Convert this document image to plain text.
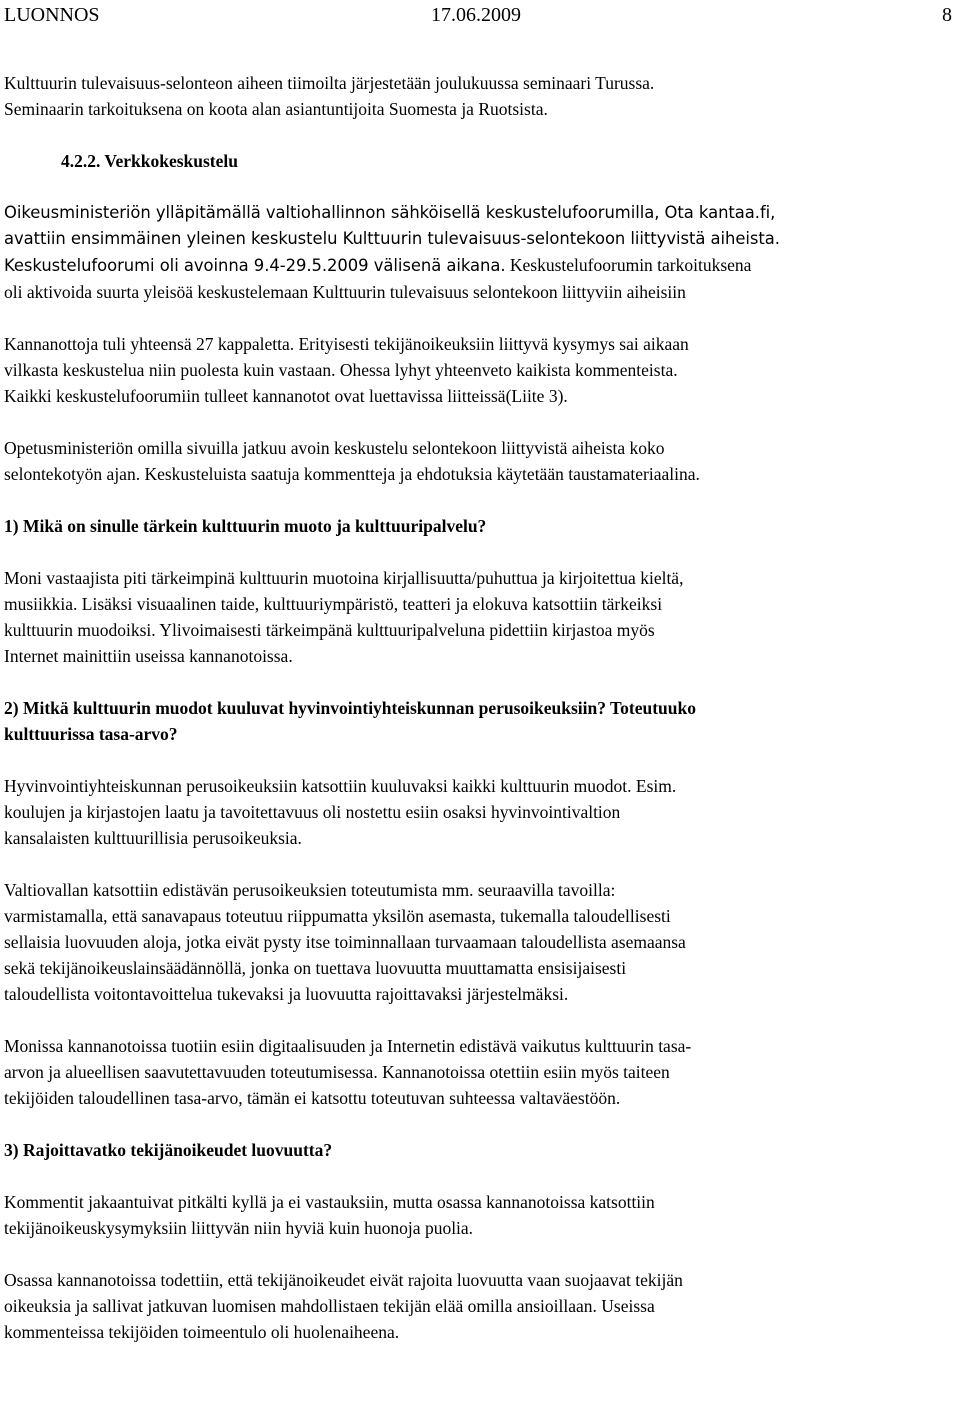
LUONNOS	17.06.2009	8

Kulttuurin tulevaisuus-selonteon aiheen tiimoilta järjestetään joulukuussa seminaari Turussa.

Seminaarin tarkoituksena on koota alan asiantuntijoita Suomesta ja Ruotsista.

4.2.2. Verkkokeskustelu

Oikeusministeriön ylläpitämällä valtiohallinnon sähköisellä keskustelufoorumilla, Ota kantaa.fi,

avattiin ensimmäinen yleinen keskustelu Kulttuurin tulevaisuus-selontekoon liittyvistä aiheista.

Keskustelufoorumi oli avoinna 9.4-29.5.2009 välisenä aikana. Keskustelufoorumin tarkoituksena

oli aktivoida suurta yleisöä keskustelemaan Kulttuurin tulevaisuus selontekoon liittyviin aiheisiin

Kannanottoja tuli yhteensä 27 kappaletta. Erityisesti tekijänoikeuksiin liittyvä kysymys sai aikaan

vilkasta keskustelua niin puolesta kuin vastaan. Ohessa lyhyt yhteenveto kaikista kommenteista.

Kaikki keskustelufoorumiin tulleet kannanotot ovat luettavissa liitteissä(Liite 3).

Opetusministeriön omilla sivuilla jatkuu avoin keskustelu selontekoon liittyvistä aiheista koko

selontekotyön ajan. Keskusteluista saatuja kommentteja ja ehdotuksia käytetään taustamateriaalina.

1) Mikä on sinulle tärkein kulttuurin muoto ja kulttuuripalvelu?

Moni vastaajista piti tärkeimpinä kulttuurin muotoina kirjallisuutta/puhuttua ja kirjoitettua kieltä,

musiikkia. Lisäksi visuaalinen taide, kulttuuriympäristö, teatteri ja elokuva katsottiin tärkeiksi

kulttuurin muodoiksi. Ylivoimaisesti tärkeimpänä kulttuuripalveluna pidettiin kirjastoa myös

Internet mainittiin useissa kannanotoissa.

2) Mitkä kulttuurin muodot kuuluvat hyvinvointiyhteiskunnan perusoikeuksiin? Toteutuuko

kulttuurissa tasa-arvo?

Hyvinvointiyhteiskunnan perusoikeuksiin katsottiin kuuluvaksi kaikki kulttuurin muodot. Esim.

koulujen ja kirjastojen laatu ja tavoitettavuus oli nostettu esiin osaksi hyvinvointivaltion

kansalaisten kulttuurillisia perusoikeuksia.

Valtiovallan katsottiin edistävän perusoikeuksien toteutumista mm. seuraavilla tavoilla:

varmistamalla, että sanavapaus toteutuu riippumatta yksilön asemasta, tukemalla taloudellisesti

sellaisia luovuuden aloja, jotka eivät pysty itse toiminnallaan turvaamaan taloudellista asemaansa

sekä tekijänoikeuslainsäädännöllä, jonka on tuettava luovuutta muuttamatta ensisijaisesti

taloudellista voitontavoittelua tukevaksi ja luovuutta rajoittavaksi järjestelmäksi.

Monissa kannanotoissa tuotiin esiin digitaalisuuden ja Internetin edistävä vaikutus kulttuurin tasa-

arvon ja alueellisen saavutettavuuden toteutumisessa. Kannanotoissa otettiin esiin myös taiteen

tekijöiden taloudellinen tasa-arvo, tämän ei katsottu toteutuvan suhteessa valtaväestöön.

3) Rajoittavatko tekijänoikeudet luovuutta?

Kommentit jakaantuivat pitkälti kyllä ja ei vastauksiin, mutta osassa kannanotoissa katsottiin

tekijänoikeuskysymyksiin liittyvän niin hyviä kuin huonoja puolia.

Osassa kannanotoissa todettiin, että tekijänoikeudet eivät rajoita luovuutta vaan suojaavat tekijän

oikeuksia ja sallivat jatkuvan luomisen mahdollistaen tekijän elää omilla ansioillaan. Useissa

kommenteissa tekijöiden toimeentulo oli huolenaiheena.
